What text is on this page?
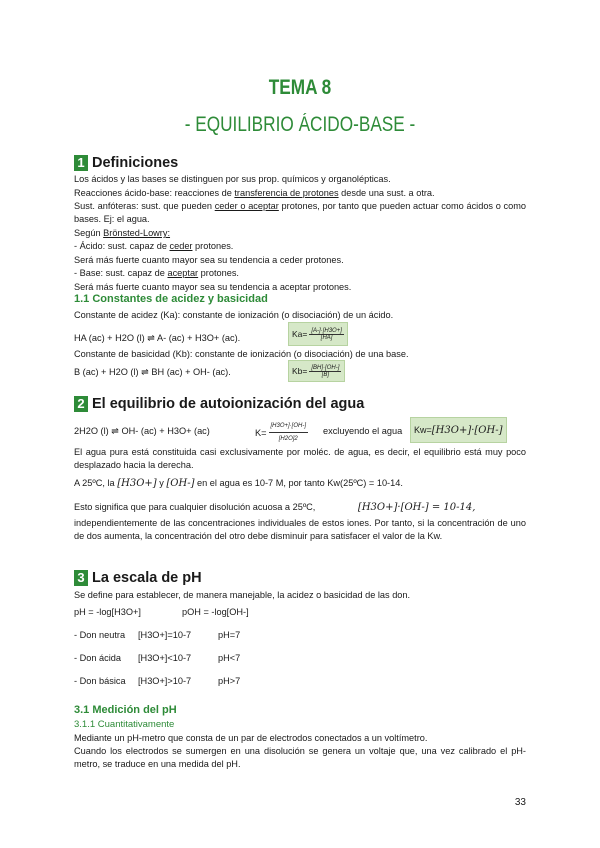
TEMA 8
- EQUILIBRIO ÁCIDO-BASE -
1 Definiciones
Los ácidos y las bases se distinguen por sus prop. químicos y organolépticas.
Reacciones ácido-base: reacciones de transferencia de protones desde una sust. a otra.
Sust. anfóteras: sust. que pueden ceder o aceptar protones, por tanto que pueden actuar como ácidos o como bases. Ej: el agua.
Según Brönsted-Lowry:
- Ácido: sust. capaz de ceder protones.
Será más fuerte cuanto mayor sea su tendencia a ceder protones.
- Base: sust. capaz de aceptar protones.
Será más fuerte cuanto mayor sea su tendencia a aceptar protones.
1.1 Constantes de acidez y basicidad
Constante de acidez (Ka): constante de ionización (o disociación) de un ácido.
HA (ac) + H2O (l) ⇌ A- (ac) + H3O+ (ac).	$Ka= \frac{[A-]\cdot[H3O+]}{[HA]}$
Constante de basicidad (Kb): constante de ionización (o disociación) de una base.
B (ac) + H2O (l) ⇌ BH (ac) + OH- (ac).	$Kb= \frac{[BH]\cdot[OH-]}{[B]}$
2 El equilibrio de autoionización del agua
2H2O (l) ⇌ OH- (ac) + H3O+ (ac)	$K= \frac{[H3O+]\cdot[OH-]}{[H2O]2}$ excluyendo el agua Kw= [H3O+]·[OH-]
El agua pura está constituida casi exclusivamente por moléc. de agua, es decir, el equilibrio está muy poco desplazado hacia la derecha.
A 25ºC, la [H3O+] y [OH-] en el agua es 10-7 M, por tanto Kw(25ºC) = 10-14.
Esto significa que para cualquier disolución acuosa a 25ºC,	[H3O+]·[OH-] = 10-14,
independientemente de las concentraciones individuales de estos iones. Por tanto, si la concentración de uno de dos aumenta, la concentración del otro debe disminuir para satisfacer el valor de la Kw.
3 La escala de pH
Se define para establecer, de manera manejable, la acidez o basicidad de las don.
pH = -log[H3O+]	pOH = -log[OH-]
- Don neutra [H3O+]=10-7	pH=7
- Don ácida [H3O+]<10-7	pH<7
- Don básica [H3O+]>10-7	pH>7
3.1 Medición del pH
3.1.1 Cuantitativamente
Mediante un pH-metro que consta de un par de electrodos conectados a un voltímetro.
Cuando los electrodos se sumergen en una disolución se genera un voltaje que, una vez calibrado el pH-metro, se traduce en una medida del pH.
33
